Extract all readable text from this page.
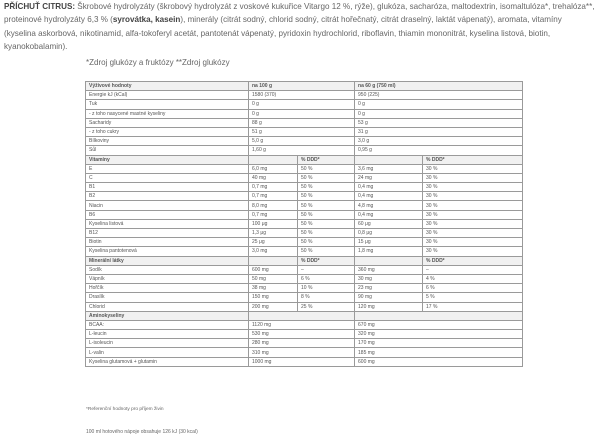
PŘÍCHUŤ CITRUS: Škrobové hydrolyzáty (škrobový hydrolyzát z voskové kukuřice Vitargo 12 %, rýže), glukóza, sacharóza, maltodextrin, isomaltulóza*, trehalóza**, proteinové hydrolyzáty 6,3 % (syrovátka, kasein), minerály (citrát sodný, chlorid sodný, citrát hořečnatý, citrát draselný, laktát vápenatý), aromata, vitamíny (kyselina askorbová, nikotinamid, alfa-tokoferyl acetát, pantotenát vápenatý, pyridoxin hydrochlorid, riboflavin, thiamin mononitrát, kyselina listová, biotin, kyanokobalamin).
*Zdroj glukózy a fruktózy **Zdroj glukózy
Výživové hodnoty	na 100 g		na 60 g (750 ml)	
Energie kJ (kCal)	1580 (370)		950 (225)	
Tuk	0 g		0 g	
- z toho nasycené mastné kyseliny	0 g		0 g	
Sacharidy	88 g		53 g	
- z toho cukry	51 g		31 g	
Bílkoviny	5,0 g		3,0 g	
Sůl	1,60 g		0,95 g	
Vitamíny		% DDD*		% DDD*
E	6,0 mg	50 %	3,6 mg	30 %
C	40 mg	50 %	24 mg	30 %
B1	0,7 mg	50 %	0,4 mg	30 %
B2	0,7 mg	50 %	0,4 mg	30 %
Niacin	8,0 mg	50 %	4,8 mg	30 %
B6	0,7 mg	50 %	0,4 mg	30 %
Kyselina listová	100 μg	50 %	60 μg	30 %
B12	1,3 μg	50 %	0,8 μg	30 %
Biotin	25 μg	50 %	15 μg	30 %
Kyselina pantotenová	3,0 mg	50 %	1,8 mg	30 %
Minerální látky		% DDD*		% DDD*
Sodík	600 mg	–	360 mg	–
Vápník	50 mg	6 %	30 mg	4 %
Hořčík	38 mg	10 %	23 mg	6 %
Draslík	150 mg	8 %	90 mg	5 %
Chlorid	200 mg	25 %	120 mg	17 %
Aminokyseliny				
BCAA:	1120 mg		670 mg	
L-leucin	530 mg		320 mg	
L-isoleucin	280 mg		170 mg	
L-valin	310 mg		185 mg	
Kyselina glutamová + glutamin	1000 mg		600 mg	
*Referenční hodnoty pro příjem živin
100 ml hotového nápoje obsahuje 126 kJ (30 kcal)
